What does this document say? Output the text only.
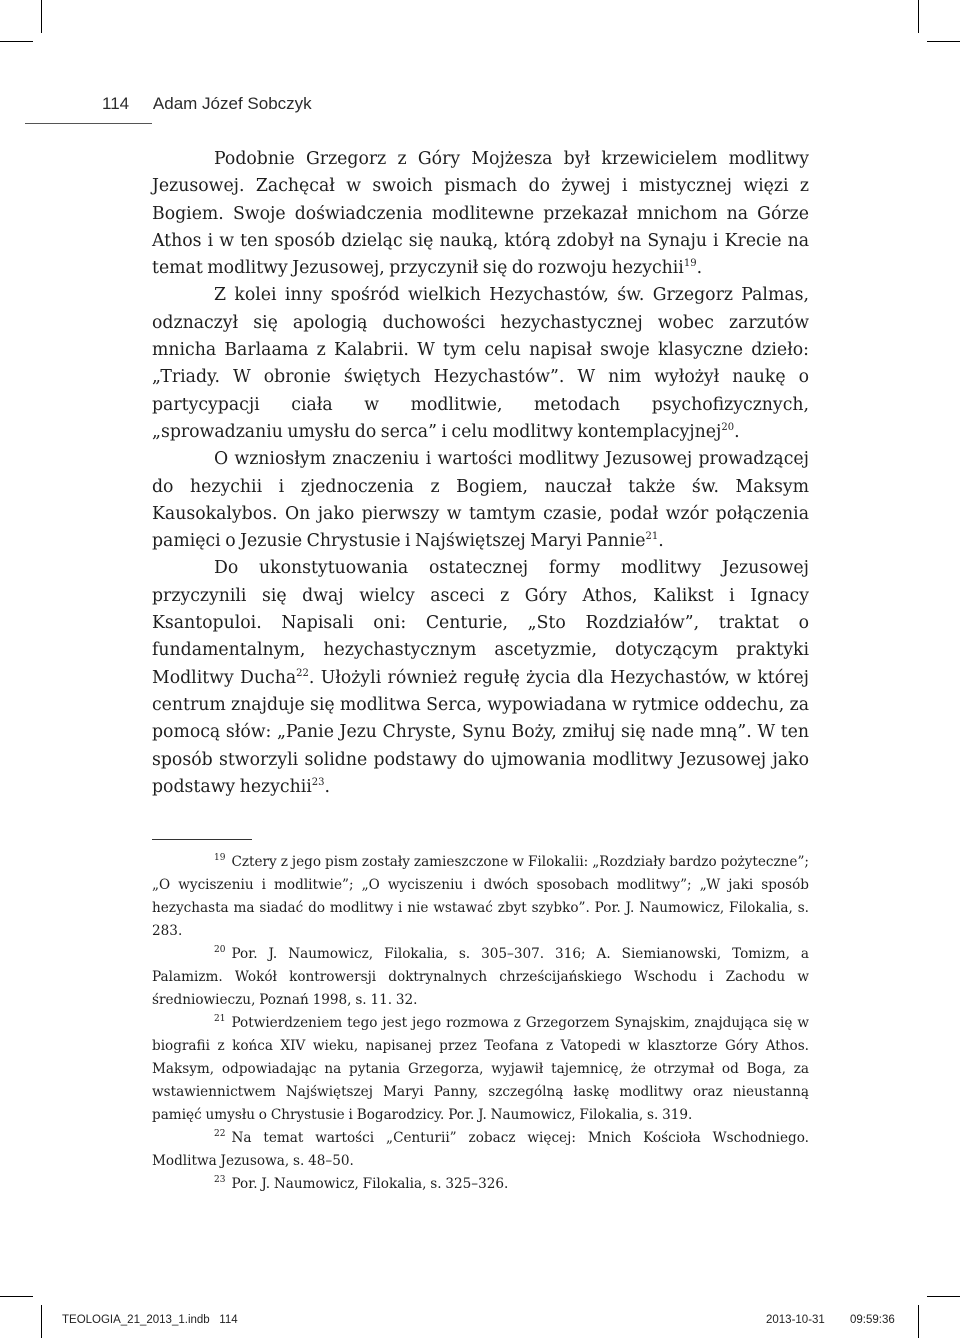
114 Adam Józef Sobczyk

Podobnie Grzegorz z Góry Mojżesza był krzewicielem modlitwy Jezusowej. Zachęcał w swoich pismach do żywej i mistycznej więzi z Bogiem. Swoje doświadczenia modlitewne przekazał mnichom na Górze Athos i w ten sposób dzieląc się nauką, którą zdobył na Synaju i Krecie na temat modlitwy Jezusowej, przyczynił się do rozwoju hezychii$^{19}$.

Z kolei inny spośród wielkich Hezychastów, św. Grzegorz Palmas, odznaczył się apologią duchowości hezychastycznej wobec zarzutów mnicha Barlaama z Kalabrii. W tym celu napisał swoje klasyczne dzieło: „Triady. W obronie świętych Hezychastów”. W nim wyłożył naukę o partycypacji ciała w modlitwie, metodach psychofizycznych, „sprowadzaniu umysłu do serca” i celu modlitwy kontemplacyjnej$^{20}$.

O wzniosłym znaczeniu i wartości modlitwy Jezusowej prowadzącej do hezychii i zjednoczenia z Bogiem, nauczał także św. Maksym Kausokalybos. On jako pierwszy w tamtym czasie, podał wzór połączenia pamięci o Jezusie Chrystusie i Najświętszej Maryi Pannie$^{21}$.

Do ukonstytuowania ostatecznej formy modlitwy Jezusowej przyczynili się dwaj wielcy asceci z Góry Athos, Kalikst i Ignacy Ksantopuloi. Napisali oni: Centurie, „Sto Rozdziałów”, traktat o fundamentalnym, hezychastycznym ascetyzmie, dotyczącym praktyki Modlitwy Ducha$^{22}$. Ułożyli również regułę życia dla Hezychastów, w której centrum znajduje się modlitwa Serca, wypowiadana w rytmice oddechu, za pomocą słów: „Panie Jezu Chryste, Synu Boży, zmiłuj się nade mną”. W ten sposób stworzyli solidne podstawy do ujmowania modlitwy Jezusowej jako podstawy hezychii$^{23}$.

$^{19}$ Cztery z jego pism zostały zamieszczone w Filokalii: „Rozdziały bardzo pożyteczne”; „O wyciszeniu i modlitwie”; „O wyciszeniu i dwóch sposobach modlitwy”; „W jaki sposób hezychasta ma siadać do modlitwy i nie wstawać zbyt szybko”. Por. J. Naumowicz, Filokalia, s. 283.

$^{20}$ Por. J. Naumowicz, Filokalia, s. 305–307. 316; A. Siemianowski, Tomizm, a Palamizm. Wokół kontrowersji doktrynalnych chrześcijańskiego Wschodu i Zachodu w średniowieczu, Poznań 1998, s. 11. 32.

$^{21}$ Potwierdzeniem tego jest jego rozmowa z Grzegorzem Synajskim, znajdująca się w biografii z końca XIV wieku, napisanej przez Teofana z Vatopedi w klasztorze Góry Athos. Maksym, odpowiadając na pytania Grzegorza, wyjawił tajemnicę, że otrzymał od Boga, za wstawiennictwem Najświętszej Maryi Panny, szczególną łaskę modlitwy oraz nieustanną pamięć umysłu o Chrystusie i Bogarodzicy. Por. J. Naumowicz, Filokalia, s. 319.

$^{22}$ Na temat wartości „Centurii” zobacz więcej: Mnich Kościoła Wschodniego. Modlitwa Jezusowa, s. 48–50.

$^{23}$ Por. J. Naumowicz, Filokalia, s. 325–326.

TEOLOGIA_21_2013_1.indb   114	2013-10-31 09:59:36
